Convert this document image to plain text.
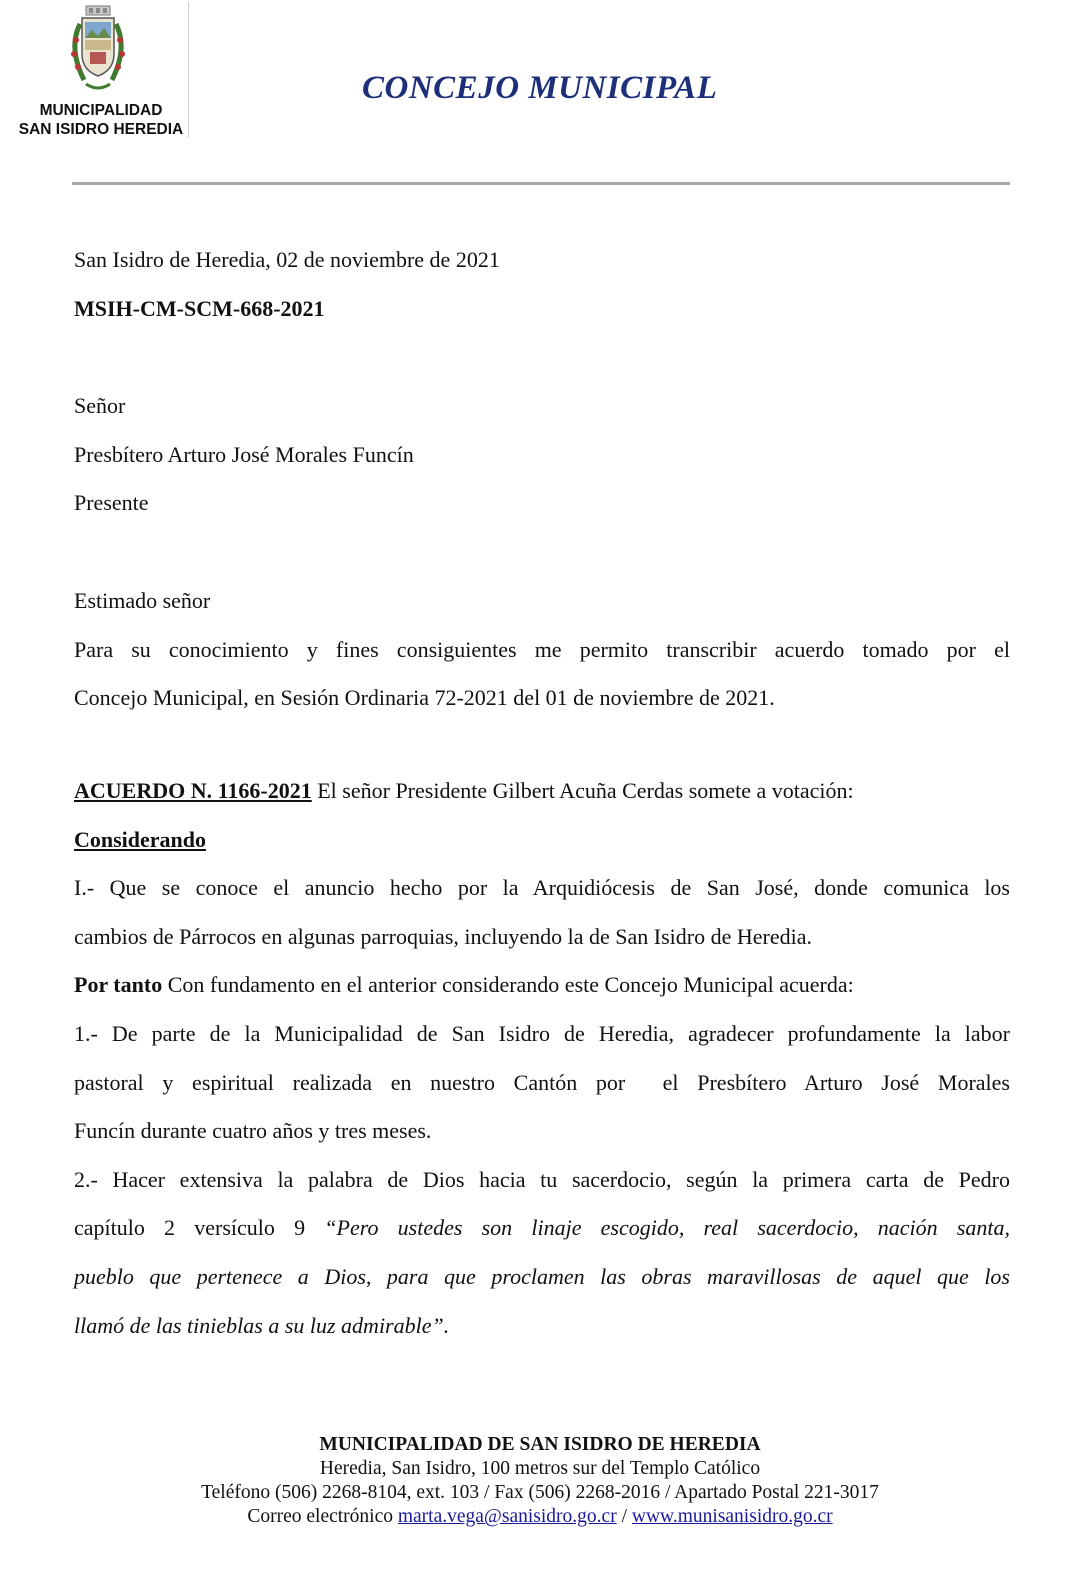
MUNICIPALIDAD
SAN ISIDRO HEREDIA
CONCEJO MUNICIPAL
San Isidro de Heredia, 02 de noviembre de 2021
MSIH-CM-SCM-668-2021
Señor
Presbítero Arturo José Morales Funcín
Presente
Estimado señor
Para su conocimiento y fines consiguientes me permito transcribir acuerdo tomado por el
Concejo Municipal, en Sesión Ordinaria 72-2021 del 01 de noviembre de 2021.
ACUERDO N. 1166-2021 El señor Presidente Gilbert Acuña Cerdas somete a votación:
Considerando
I.- Que se conoce el anuncio hecho por la Arquidiócesis de San José, donde comunica los
cambios de Párrocos en algunas parroquias, incluyendo la de San Isidro de Heredia.
Por tanto Con fundamento en el anterior considerando este Concejo Municipal acuerda:
1.- De parte de la Municipalidad de San Isidro de Heredia, agradecer profundamente la labor
pastoral y espiritual realizada en nuestro Cantón por  el Presbítero Arturo José Morales
Funcín durante cuatro años y tres meses.
2.- Hacer extensiva la palabra de Dios hacia tu sacerdocio, según la primera carta de Pedro
capítulo 2 versículo 9 “Pero ustedes son linaje escogido, real sacerdocio, nación santa,
pueblo que pertenece a Dios, para que proclamen las obras maravillosas de aquel que los
llamó de las tinieblas a su luz admirable”.
MUNICIPALIDAD DE SAN ISIDRO DE HEREDIA
Heredia, San Isidro, 100 metros sur del Templo Católico
Teléfono (506) 2268-8104, ext. 103 / Fax (506) 2268-2016 / Apartado Postal 221-3017
Correo electrónico marta.vega@sanisidro.go.cr / www.munisanisidro.go.cr
